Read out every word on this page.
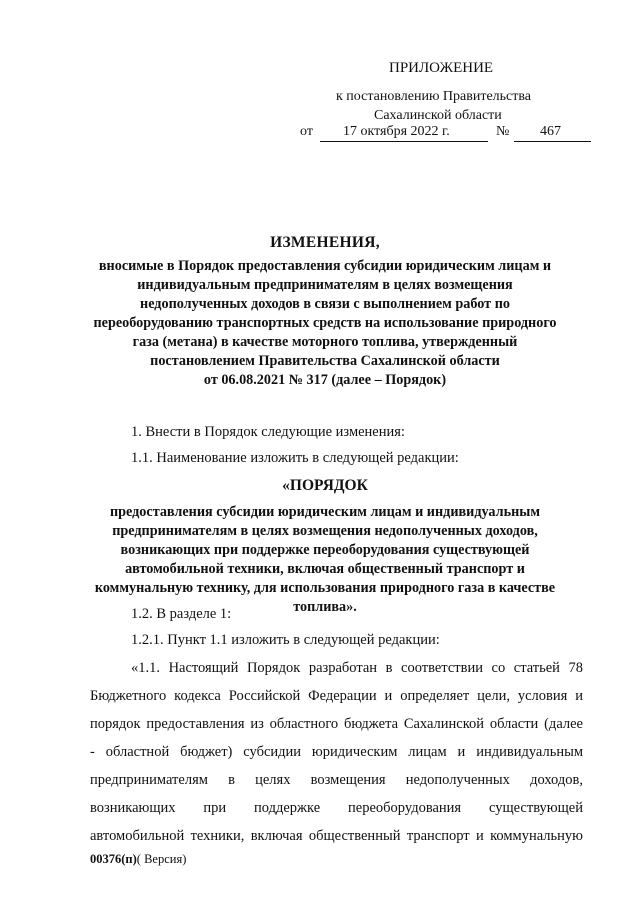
ПРИЛОЖЕНИЕ
к постановлению Правительства
Сахалинской области
от 17 октября 2022 г.	№ 467
ИЗМЕНЕНИЯ,
вносимые в Порядок предоставления субсидии юридическим лицам и
индивидуальным предпринимателям в целях возмещения
недополученных доходов в связи с выполнением работ по
переоборудованию транспортных средств на использование природного
газа (метана) в качестве моторного топлива, утвержденный
постановлением Правительства Сахалинской области
от 06.08.2021 № 317 (далее – Порядок)
1. Внести в Порядок следующие изменения:
1.1. Наименование изложить в следующей редакции:
«ПОРЯДОК
предоставления субсидии юридическим лицам и индивидуальным
предпринимателям в целях возмещения недополученных доходов,
возникающих при поддержке переоборудования существующей
автомобильной техники, включая общественный транспорт и
коммунальную технику, для использования природного газа в качестве
топлива».
1.2. В разделе 1:
1.2.1. Пункт 1.1 изложить в следующей редакции:
«1.1. Настоящий Порядок разработан в соответствии со статьей 78
Бюджетного кодекса Российской Федерации и определяет цели, условия и
порядок предоставления из областного бюджета Сахалинской области (далее
- областной бюджет) субсидии юридическим лицам и индивидуальным
предпринимателям в целях возмещения недополученных доходов,
возникающих при поддержке переоборудования существующей
автомобильной техники, включая общественный транспорт и коммунальную
00376(п)( Версия)
